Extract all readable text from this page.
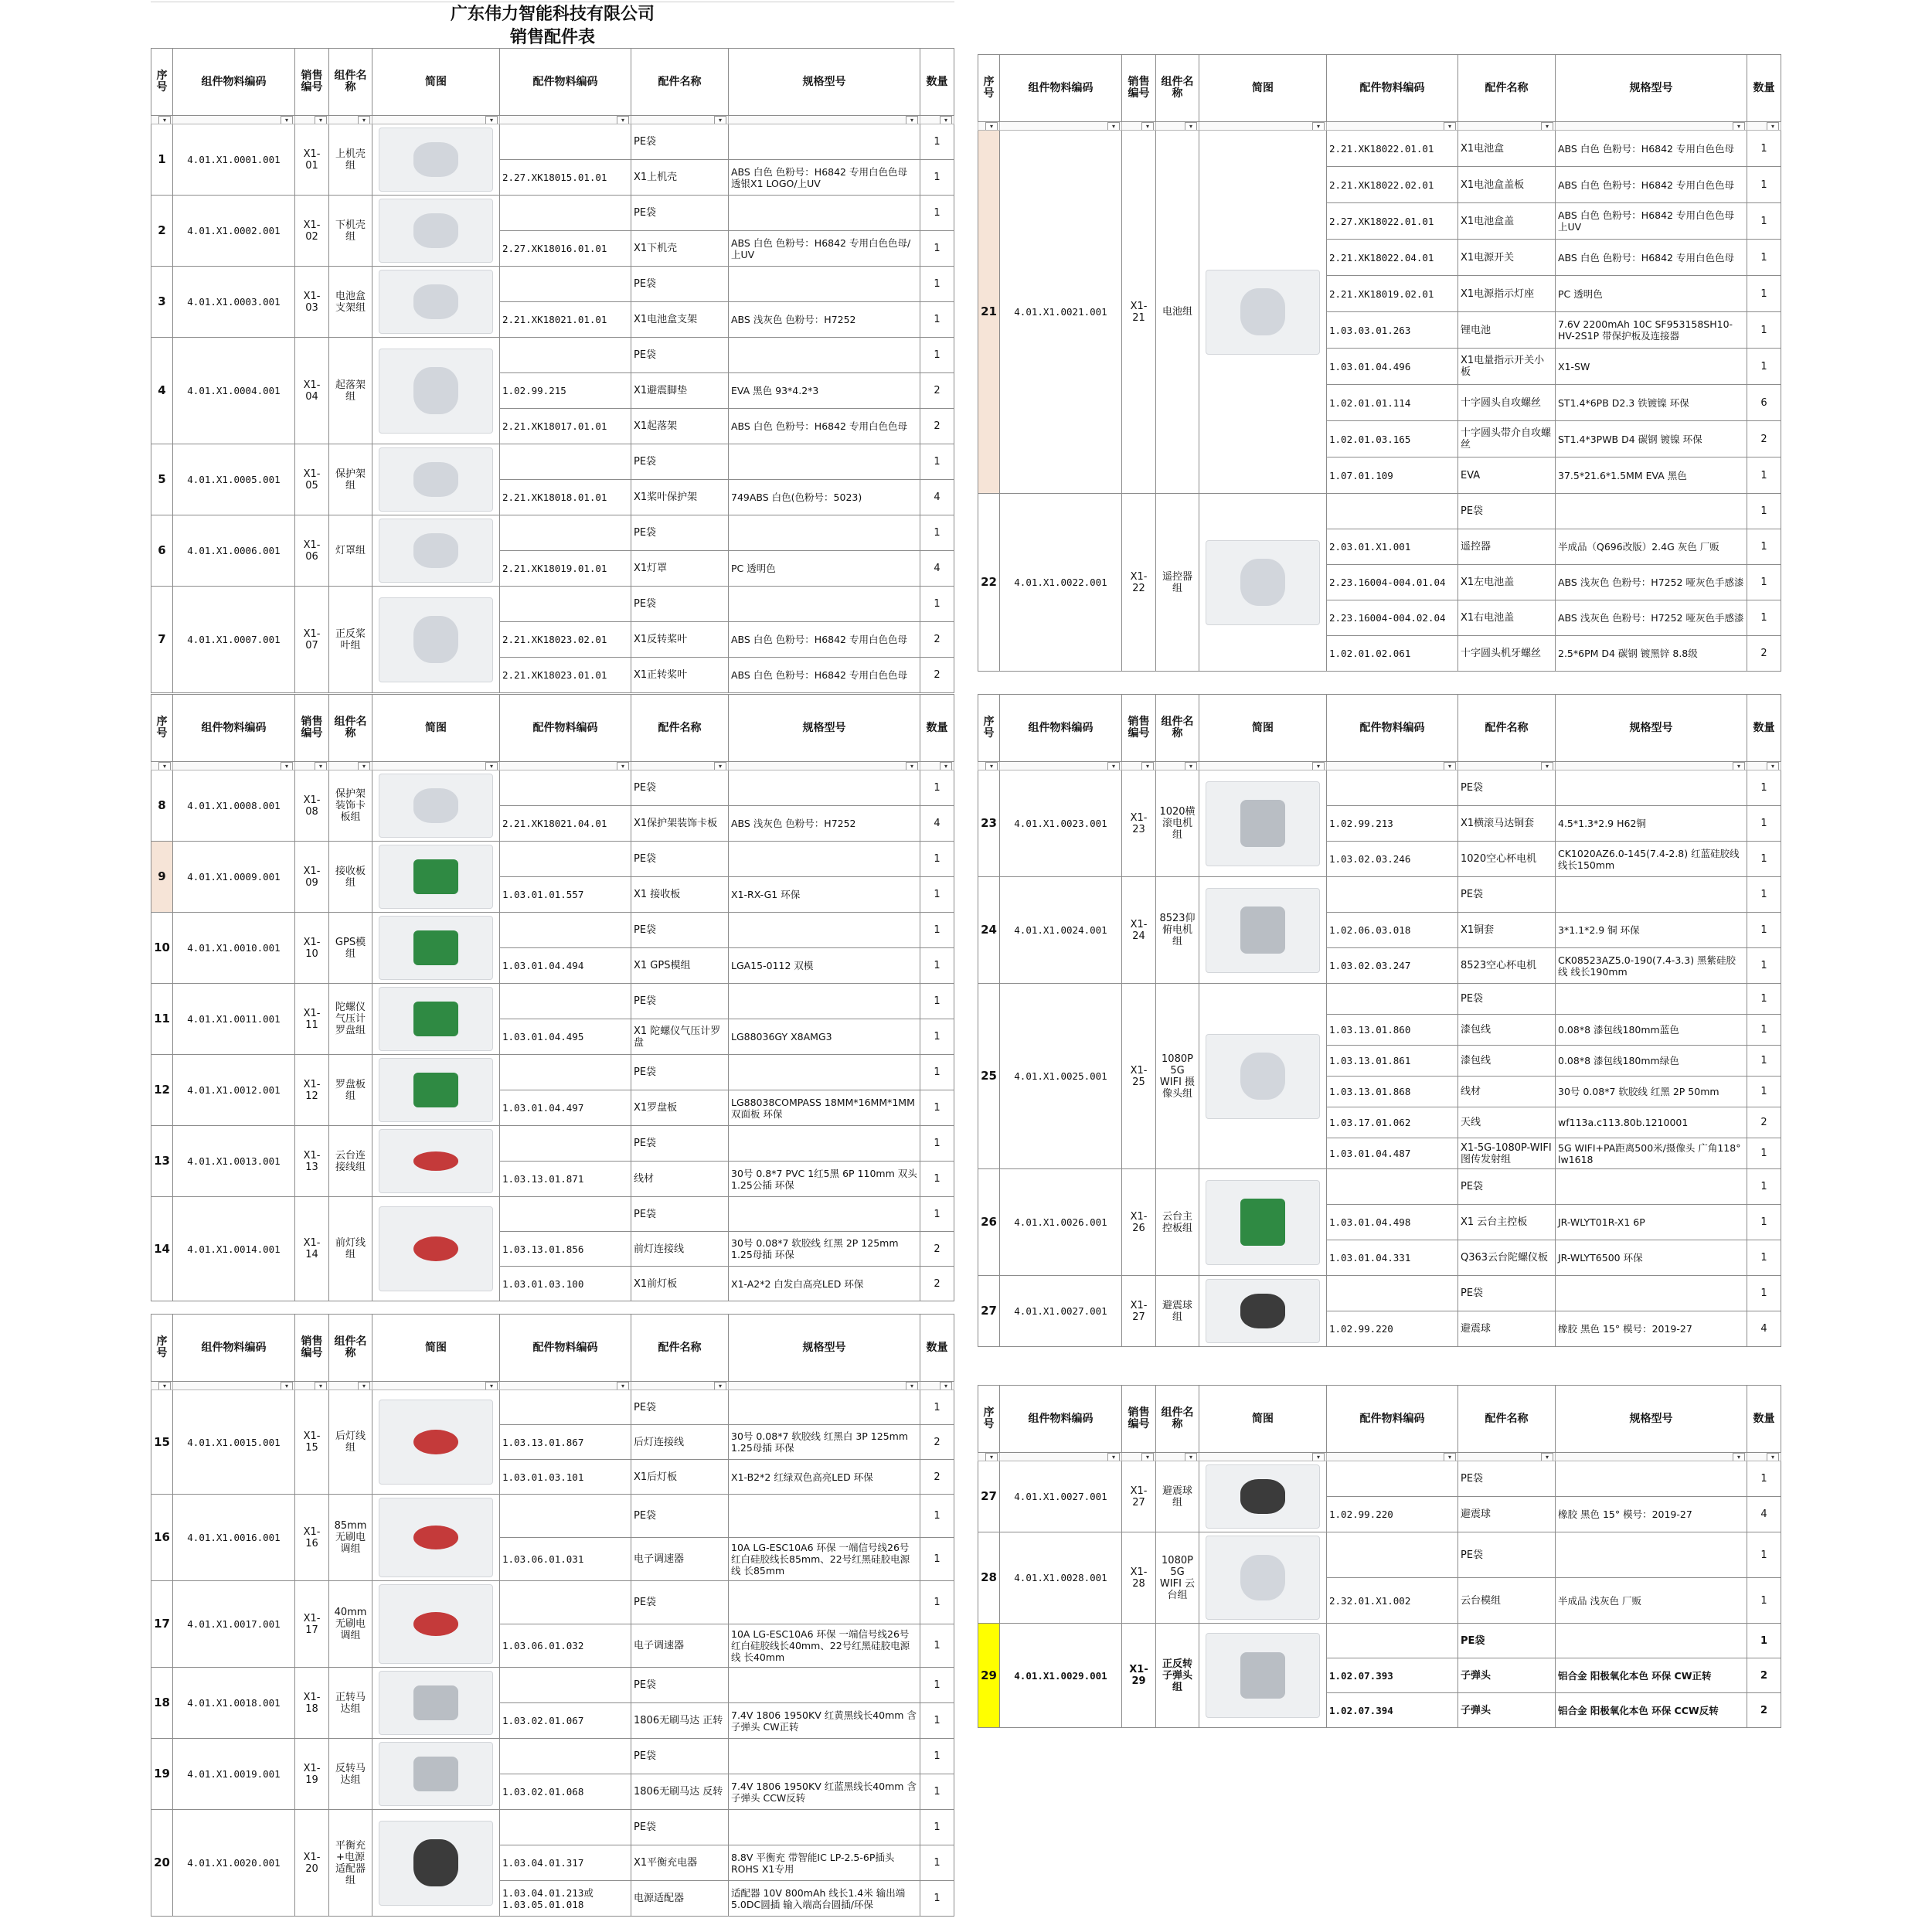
广东伟力智能科技有限公司
销售配件表
序号	组件物料编码	销售编号	组件名称	简图	配件物料编码	配件名称	规格型号	数量

▾	▾	▾	▾	▾	▾	▾	▾	▾

1	4.01.X1.0001.001	X1-01	上机壳组			PE袋		1
					2.27.XK18015.01.01	X1上机壳	ABS 白色 色粉号：H6842 专用白色色母 透银X1 LOGO/上UV	1
2	4.01.X1.0002.001	X1-02	下机壳组			PE袋		1
					2.27.XK18016.01.01	X1下机壳	ABS 白色 色粉号：H6842 专用白色色母/上UV	1
3	4.01.X1.0003.001	X1-03	电池盒支架组			PE袋		1
					2.21.XK18021.01.01	X1电池盒支架	ABS 浅灰色 色粉号：H7252	1
4	4.01.X1.0004.001	X1-04	起落架组			PE袋		1
					1.02.99.215	X1避震脚垫	EVA 黑色 93*4.2*3	2
					2.21.XK18017.01.01	X1起落架	ABS 白色 色粉号：H6842 专用白色色母	2
5	4.01.X1.0005.001	X1-05	保护架组			PE袋		1
					2.21.XK18018.01.01	X1桨叶保护架	749ABS 白色(色粉号：5023)	4
6	4.01.X1.0006.001	X1-06	灯罩组			PE袋		1
					2.21.XK18019.01.01	X1灯罩	PC 透明色	4
7	4.01.X1.0007.001	X1-07	正反桨叶组			PE袋		1
					2.21.XK18023.02.01	X1反转桨叶	ABS 白色 色粉号：H6842 专用白色色母	2
					2.21.XK18023.01.01	X1正转桨叶	ABS 白色 色粉号：H6842 专用白色色母	2
序号	组件物料编码	销售编号	组件名称	简图	配件物料编码	配件名称	规格型号	数量

▾	▾	▾	▾	▾	▾	▾	▾	▾

8	4.01.X1.0008.001	X1-08	保护架装饰卡板组			PE袋		1
					2.21.XK18021.04.01	X1保护架装饰卡板	ABS 浅灰色 色粉号：H7252	4
9	4.01.X1.0009.001	X1-09	接收板组			PE袋		1
					1.03.01.01.557	X1 接收板	X1-RX-G1 环保	1
10	4.01.X1.0010.001	X1-10	GPS模组			PE袋		1
					1.03.01.04.494	X1 GPS模组	LGA15-0112 双模	1
11	4.01.X1.0011.001	X1-11	陀螺仪气压计罗盘组			PE袋		1
					1.03.01.04.495	X1 陀螺仪气压计罗盘	LG88036GY X8AMG3	1
12	4.01.X1.0012.001	X1-12	罗盘板组			PE袋		1
					1.03.01.04.497	X1罗盘板	LG88038COMPASS 18MM*16MM*1MM 双面板 环保	1
13	4.01.X1.0013.001	X1-13	云台连接线组			PE袋		1
					1.03.13.01.871	线材	30号 0.8*7 PVC 1红5黑 6P 110mm 双头1.25公插 环保	1
14	4.01.X1.0014.001	X1-14	前灯线组			PE袋		1
					1.03.13.01.856	前灯连接线	30号 0.08*7 软胶线 红黑 2P 125mm 1.25母插 环保	2
					1.03.01.03.100	X1前灯板	X1-A2*2 白发白高亮LED 环保	2
序号	组件物料编码	销售编号	组件名称	简图	配件物料编码	配件名称	规格型号	数量

▾	▾	▾	▾	▾	▾	▾	▾	▾

15	4.01.X1.0015.001	X1-15	后灯线组			PE袋		1
					1.03.13.01.867	后灯连接线	30号 0.08*7 软胶线 红黑白 3P 125mm 1.25母插 环保	2
					1.03.01.03.101	X1后灯板	X1-B2*2 红绿双色高亮LED 环保	2
16	4.01.X1.0016.001	X1-16	85mm无刷电调组			PE袋		1
					1.03.06.01.031	电子调速器	10A LG-ESC10A6 环保 一端信号线26号红白硅胶线长85mm、22号红黑硅胶电源线 长85mm	1
17	4.01.X1.0017.001	X1-17	40mm无刷电调组			PE袋		1
					1.03.06.01.032	电子调速器	10A LG-ESC10A6 环保 一端信号线26号红白硅胶线长40mm、22号红黑硅胶电源线 长40mm	1
18	4.01.X1.0018.001	X1-18	正转马达组			PE袋		1
					1.03.02.01.067	1806无刷马达 正转	7.4V 1806 1950KV 红黄黑线长40mm 含子弹头 CW正转	1
19	4.01.X1.0019.001	X1-19	反转马达组			PE袋		1
					1.03.02.01.068	1806无刷马达 反转	7.4V 1806 1950KV 红蓝黑线长40mm 含子弹头 CCW反转	1
20	4.01.X1.0020.001	X1-20	平衡充+电源适配器组			PE袋		1
					1.03.04.01.317	X1平衡充电器	8.8V 平衡充 带智能IC LP-2.5-6P插头 ROHS X1专用	1
					1.03.04.01.213或1.03.05.01.018	电源适配器	适配器 10V 800mAh 线长1.4米 输出端5.0DC圆插 输入端高台圆插/环保	1
序号	组件物料编码	销售编号	组件名称	简图	配件物料编码	配件名称	规格型号	数量

▾	▾	▾	▾	▾	▾	▾	▾	▾

21	4.01.X1.0021.001	X1-21	电池组		2.21.XK18022.01.01	X1电池盒	ABS 白色 色粉号：H6842 专用白色色母	1
					2.21.XK18022.02.01	X1电池盒盖板	ABS 白色 色粉号：H6842 专用白色色母	1
					2.27.XK18022.01.01	X1电池盒盖	ABS 白色 色粉号：H6842 专用白色色母 上UV	1
					2.21.XK18022.04.01	X1电源开关	ABS 白色 色粉号：H6842 专用白色色母	1
					2.21.XK18019.02.01	X1电源指示灯座	PC 透明色	1
					1.03.03.01.263	锂电池	7.6V 2200mAh 10C SF953158SH10-HV-2S1P 带保护板及连接器	1
					1.03.01.04.496	X1电量指示开关小板	X1-SW	1
					1.02.01.01.114	十字圆头自攻螺丝	ST1.4*6PB D2.3 铁镀镍 环保	6
					1.02.01.03.165	十字圆头带介自攻螺丝	ST1.4*3PWB D4 碳钢 镀镍 环保	2
					1.07.01.109	EVA	37.5*21.6*1.5MM EVA 黑色	1
22	4.01.X1.0022.001	X1-22	遥控器组			PE袋		1
					2.03.01.X1.001	遥控器	半成品（Q696改版）2.4G 灰色 厂贩	1
					2.23.16004-004.01.04	X1左电池盖	ABS 浅灰色 色粉号：H7252 哑灰色手感漆	1
					2.23.16004-004.02.04	X1右电池盖	ABS 浅灰色 色粉号：H7252 哑灰色手感漆	1
					1.02.01.02.061	十字圆头机牙螺丝	2.5*6PM D4 碳钢 镀黑锌 8.8级	2
序号	组件物料编码	销售编号	组件名称	简图	配件物料编码	配件名称	规格型号	数量

▾	▾	▾	▾	▾	▾	▾	▾	▾

23	4.01.X1.0023.001	X1-23	1020横滚电机组			PE袋		1
					1.02.99.213	X1横滚马达铜套	4.5*1.3*2.9 H62铜	1
					1.03.02.03.246	1020空心杯电机	CK1020AZ6.0-145(7.4-2.8) 红蓝硅胶线 线长150mm	1
24	4.01.X1.0024.001	X1-24	8523仰俯电机组			PE袋		1
					1.02.06.03.018	X1铜套	3*1.1*2.9 铜 环保	1
					1.03.02.03.247	8523空心杯电机	CK08523AZ5.0-190(7.4-3.3) 黑紫硅胶线 线长190mm	1
25	4.01.X1.0025.001	X1-25	1080P 5G WIFI 摄像头组			PE袋		1
					1.03.13.01.860	漆包线	0.08*8 漆包线180mm蓝色	1
					1.03.13.01.861	漆包线	0.08*8 漆包线180mm绿色	1
					1.03.13.01.868	线材	30号 0.08*7 软胶线 红黑 2P 50mm	1
					1.03.17.01.062	天线	wf113a.c113.80b.1210001	2
					1.03.01.04.487	X1-5G-1080P-WIFI图传发射组	5G WIFI+PA距离500米/摄像头 广角118° lw1618	1
26	4.01.X1.0026.001	X1-26	云台主控板组			PE袋		1
					1.03.01.04.498	X1 云台主控板	JR-WLYT01R-X1 6P	1
					1.03.01.04.331	Q363云台陀螺仪板	JR-WLYT6500 环保	1
27	4.01.X1.0027.001	X1-27	避震球组			PE袋		1
					1.02.99.220	避震球	橡胶 黑色 15° 模号：2019-27	4
序号	组件物料编码	销售编号	组件名称	简图	配件物料编码	配件名称	规格型号	数量

▾	▾	▾	▾	▾	▾	▾	▾	▾

27	4.01.X1.0027.001	X1-27	避震球组			PE袋		1
					1.02.99.220	避震球	橡胶 黑色 15° 模号：2019-27	4
28	4.01.X1.0028.001	X1-28	1080P 5G WIFI 云台组			PE袋		1
					2.32.01.X1.002	云台模组	半成品 浅灰色 厂贩	1
29	4.01.X1.0029.001	X1-29	正反转子弹头组			PE袋		1
					1.02.07.393	子弹头	铝合金 阳极氧化本色 环保 CW正转	2
					1.02.07.394	子弹头	铝合金 阳极氧化本色 环保 CCW反转	2
